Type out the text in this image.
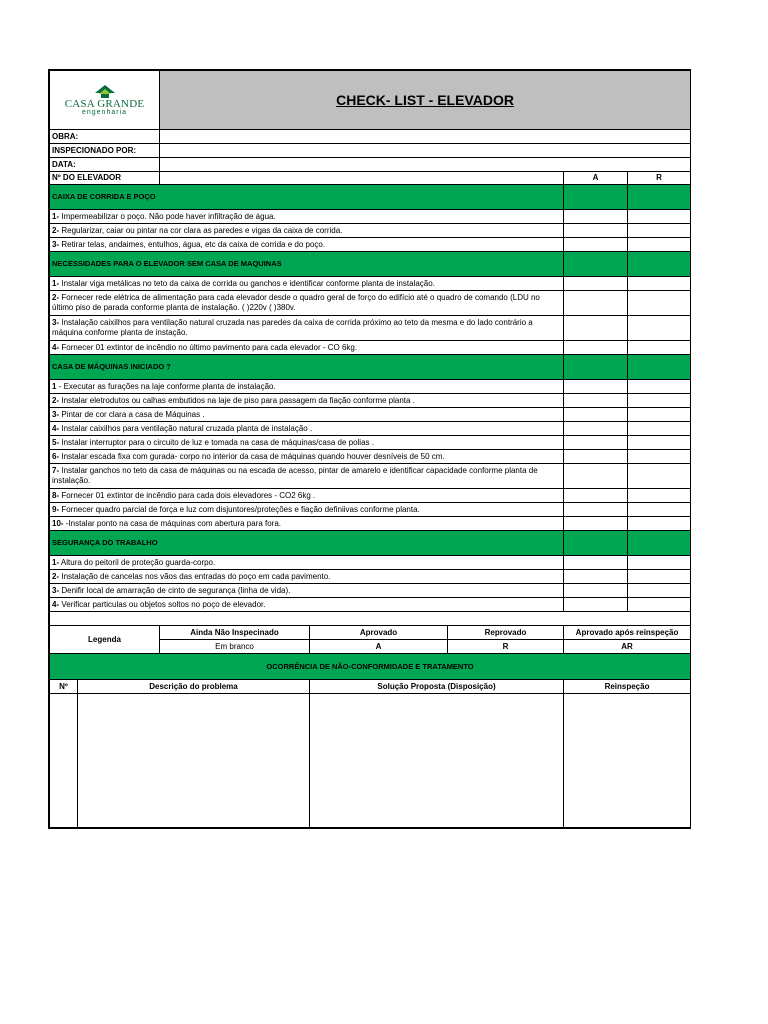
CASA GRANDE
engenharia		CHECK- LIST - ELEVADOR				
OBRA:						
INSPECIONADO POR:						
DATA:						
Nº DO ELEVADOR					A	R
CAIXA DE CORRIDA E POÇO						
1- Impermeabilizar o poço. Não pode haver infiltração de água.						
2- Regularizar, caiar ou pintar na cor clara as paredes e vigas da caixa de corrida.						
3- Retirar telas, andaimes, entulhos, água, etc da caixa de corrida e do poço.						
NECESSIDADES PARA O ELEVADOR SEM CASA DE MAQUINAS						
1- Instalar viga metálicas no teto da caixa de corrida ou ganchos e identificar conforme planta de instalação.						
2- Fornecer rede elétrica de alimentação para cada elevador desde o quadro geral de forço do edifício até o quadro de comando (LDU no último piso de parada conforme planta de instalação. ( )220v ( )380v.						
3- Instalação caixilhos para ventilação natural cruzada nas paredes da caixa de corrida próximo ao teto da mesma e do lado contrário a máquina conforme planta de instação.						
4- Fornecer 01 extintor de incêndio no último pavimento para cada elevador - CO 6kg.						
CASA DE MÁQUINAS INICIADO ?						
1 - Executar as furações na laje conforme planta de instalação.						
2- Instalar eletrodutos ou calhas embutidos na laje de piso para passagem da fiação conforme planta .						
3- Pintar de cor clara a casa de Máquinas .						
4- Instalar caixilhos para ventilação natural cruzada planta de instalação .						
5- Instalar interruptor para o circuito de luz e tomada na casa de máquinas/casa de polias .						
6- Instalar escada fixa com gurada- corpo no interior da casa de máquinas quando houver desníveis de 50 cm.						
7- Instalar ganchos no teto da casa de máquinas ou na escada de acesso, pintar de amarelo e identificar capacidade conforme planta de instalação.						
8- Fornecer 01 extintor de incêndio para cada dois elevadores - CO2 6kg .						
9- Fornecer quadro parcial de força e luz com disjuntores/proteções e fiação definiivas conforme planta.						
10- -Instalar ponto na casa de máquinas com abertura para fora.						
SEGURANÇA DO TRABALHO						
1- Altura do peitoril de proteção guarda-corpo.						
2- Instalação de cancelas nos vãos das entradas do poço em cada pavimento.						
3- Denifir local de amarração de cinto de segurança (linha de vida).						
4- Verificar particulas ou objetos soltos no poço de elevador.						

Legenda		Ainda Não Inspecinado	Aprovado	Reprovado	Aprovado após reinspeção	
		Em branco	A	R	AR	
OCORRÊNCIA DE NÃO-CONFORMIDADE E TRATAMENTO						
Nº	Descrição do problema		Solução Proposta (Disposição)		Reinspeção	
